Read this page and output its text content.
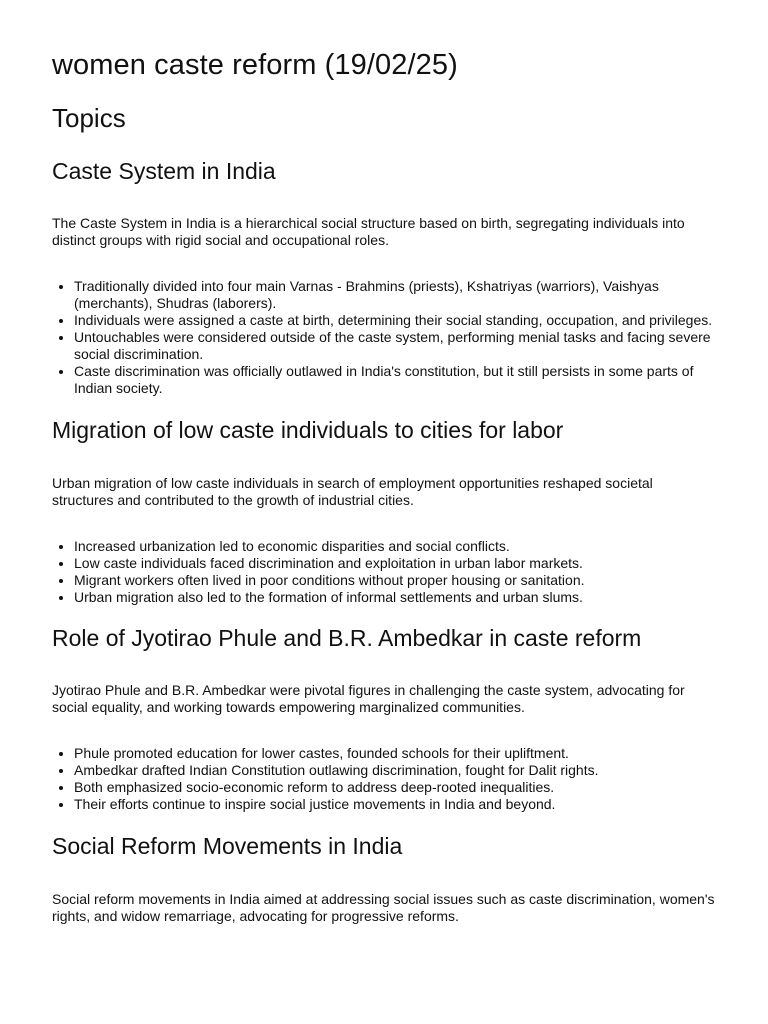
women caste reform (19/02/25)
Topics
Caste System in India

The Caste System in India is a hierarchical social structure based on birth, segregating individuals into distinct groups with rigid social and occupational roles.

• Traditionally divided into four main Varnas - Brahmins (priests), Kshatriyas (warriors), Vaishyas (merchants), Shudras (laborers).
• Individuals were assigned a caste at birth, determining their social standing, occupation, and privileges.
• Untouchables were considered outside of the caste system, performing menial tasks and facing severe social discrimination.
• Caste discrimination was officially outlawed in India's constitution, but it still persists in some parts of Indian society.
Migration of low caste individuals to cities for labor

Urban migration of low caste individuals in search of employment opportunities reshaped societal structures and contributed to the growth of industrial cities.

• Increased urbanization led to economic disparities and social conflicts.
• Low caste individuals faced discrimination and exploitation in urban labor markets.
• Migrant workers often lived in poor conditions without proper housing or sanitation.
• Urban migration also led to the formation of informal settlements and urban slums.
Role of Jyotirao Phule and B.R. Ambedkar in caste reform

Jyotirao Phule and B.R. Ambedkar were pivotal figures in challenging the caste system, advocating for social equality, and working towards empowering marginalized communities.

• Phule promoted education for lower castes, founded schools for their upliftment.
• Ambedkar drafted Indian Constitution outlawing discrimination, fought for Dalit rights.
• Both emphasized socio-economic reform to address deep-rooted inequalities.
• Their efforts continue to inspire social justice movements in India and beyond.
Social Reform Movements in India

Social reform movements in India aimed at addressing social issues such as caste discrimination, women's rights, and widow remarriage, advocating for progressive reforms.
